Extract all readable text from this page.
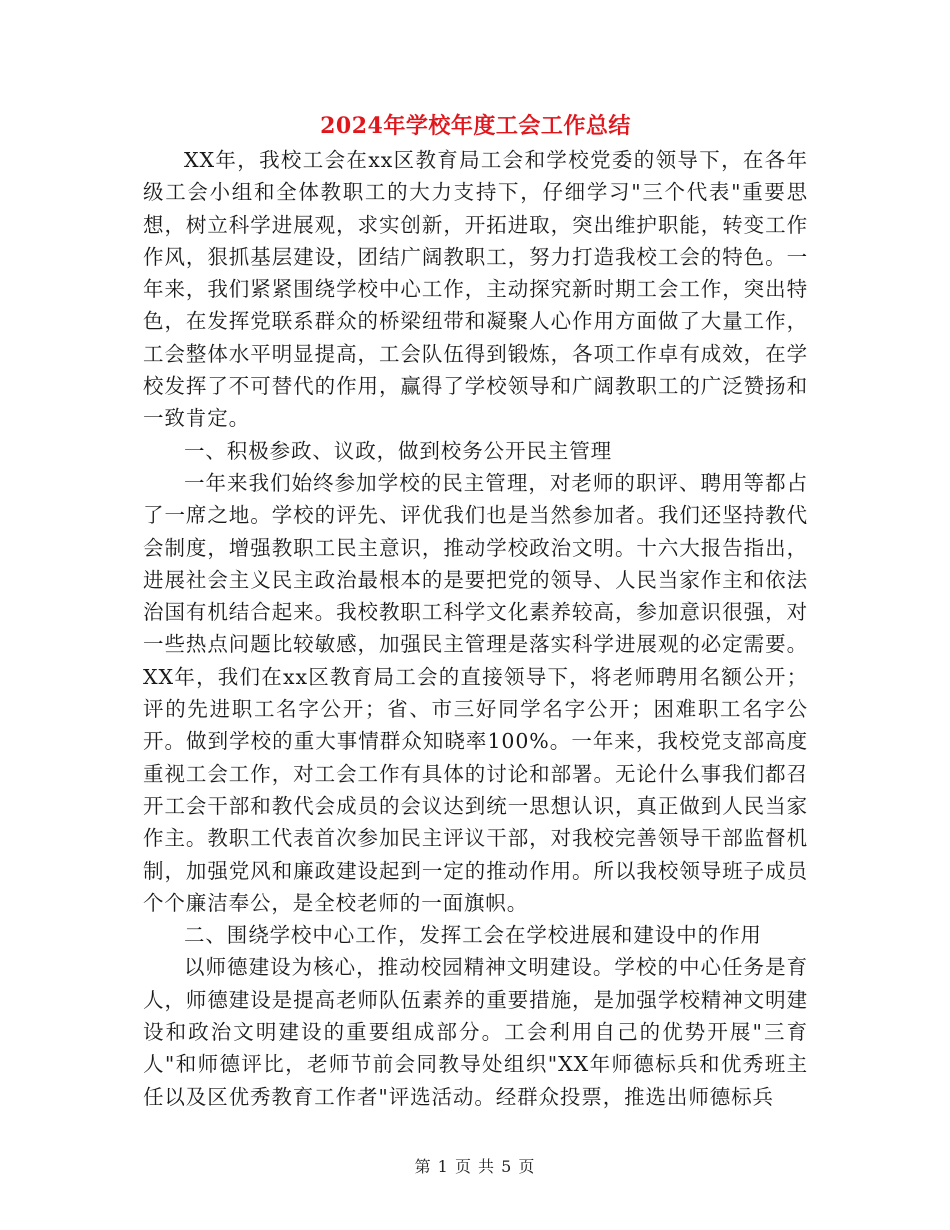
2024年学校年度工会工作总结

XX年，我校工会在xx区教育局工会和学校党委的领导下，在各年级工会小组和全体教职工的大力支持下，仔细学习"三个代表"重要思想，树立科学进展观，求实创新，开拓进取，突出维护职能，转变工作作风，狠抓基层建设，团结广阔教职工，努力打造我校工会的特色。一年来，我们紧紧围绕学校中心工作，主动探究新时期工会工作，突出特色，在发挥党联系群众的桥梁纽带和凝聚人心作用方面做了大量工作，工会整体水平明显提高，工会队伍得到锻炼，各项工作卓有成效，在学校发挥了不可替代的作用，赢得了学校领导和广阔教职工的广泛赞扬和一致肯定。

一、积极参政、议政，做到校务公开民主管理

一年来我们始终参加学校的民主管理，对老师的职评、聘用等都占了一席之地。学校的评先、评优我们也是当然参加者。我们还坚持教代会制度，增强教职工民主意识，推动学校政治文明。十六大报告指出，进展社会主义民主政治最根本的是要把党的领导、人民当家作主和依法治国有机结合起来。我校教职工科学文化素养较高，参加意识很强，对一些热点问题比较敏感，加强民主管理是落实科学进展观的必定需要。XX年，我们在xx区教育局工会的直接领导下，将老师聘用名额公开；评的先进职工名字公开；省、市三好同学名字公开；困难职工名字公开。做到学校的重大事情群众知晓率100%。一年来，我校党支部高度重视工会工作，对工会工作有具体的讨论和部署。无论什么事我们都召开工会干部和教代会成员的会议达到统一思想认识，真正做到人民当家作主。教职工代表首次参加民主评议干部，对我校完善领导干部监督机制，加强党风和廉政建设起到一定的推动作用。所以我校领导班子成员个个廉洁奉公，是全校老师的一面旗帜。

二、围绕学校中心工作，发挥工会在学校进展和建设中的作用

以师德建设为核心，推动校园精神文明建设。学校的中心任务是育人，师德建设是提高老师队伍素养的重要措施，是加强学校精神文明建设和政治文明建设的重要组成部分。工会利用自己的优势开展"三育人"和师德评比，老师节前会同教导处组织"XX年师德标兵和优秀班主任以及区优秀教育工作者"评选活动。经群众投票，推选出师德标兵

第 1 页 共 5 页
